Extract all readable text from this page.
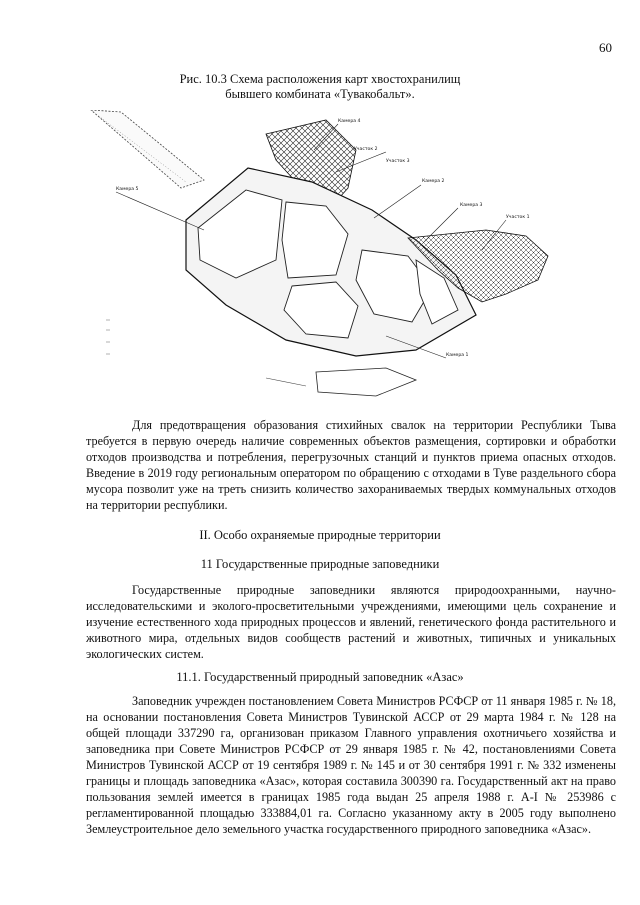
60
Рис. 10.3 Схема расположения карт хвостохранилищ
бывшего комбината «Тувакобальт».
Камера 4
Участок 2
Камера 2
Камера 3
Участок 1
Камера 5
Камера 1
Участок 3

Для предотвращения образования стихийных свалок на территории Республики Тыва требуется в первую очередь наличие современных объектов размещения, сортировки и обработки отходов производства и потребления, перегрузочных станций и пунктов приема опасных отходов. Введение в 2019 году региональным оператором по обращению с отходами в Туве раздельного сбора мусора позволит уже на треть снизить количество захораниваемых твердых коммунальных отходов на территории республики.

II. Особо охраняемые природные территории
11 Государственные природные заповедники

Государственные природные заповедники являются природоохранными, научно-исследовательскими и эколого-просветительными учреждениями, имеющими цель сохранение и изучение естественного хода природных процессов и явлений, генетического фонда растительного и животного мира, отдельных видов сообществ растений и животных, типичных и уникальных экологических систем.

11.1. Государственный природный заповедник «Азас»

Заповедник учрежден постановлением Совета Министров РСФСР от 11 января 1985 г. № 18, на основании постановления Совета Министров Тувинской АССР от 29 марта 1984 г. № 128 на общей площади 337290 га, организован приказом Главного управления охотничьего хозяйства и заповедника при Совете Министров РСФСР от 29 января 1985 г. № 42, постановлениями Совета Министров Тувинской АССР от 19 сентября 1989 г. № 145 и от 30 сентября 1991 г. № 332 изменены границы и площадь заповедника «Азас», которая составила 300390 га. Государственный акт на право пользования землей имеется в границах 1985 года выдан 25 апреля 1988 г. А-I № 253986 с регламентированной площадью 333884,01 га. Согласно указанному акту в 2005 году выполнено Землеустроительное дело земельного участка государственного природного заповедника «Азас».
